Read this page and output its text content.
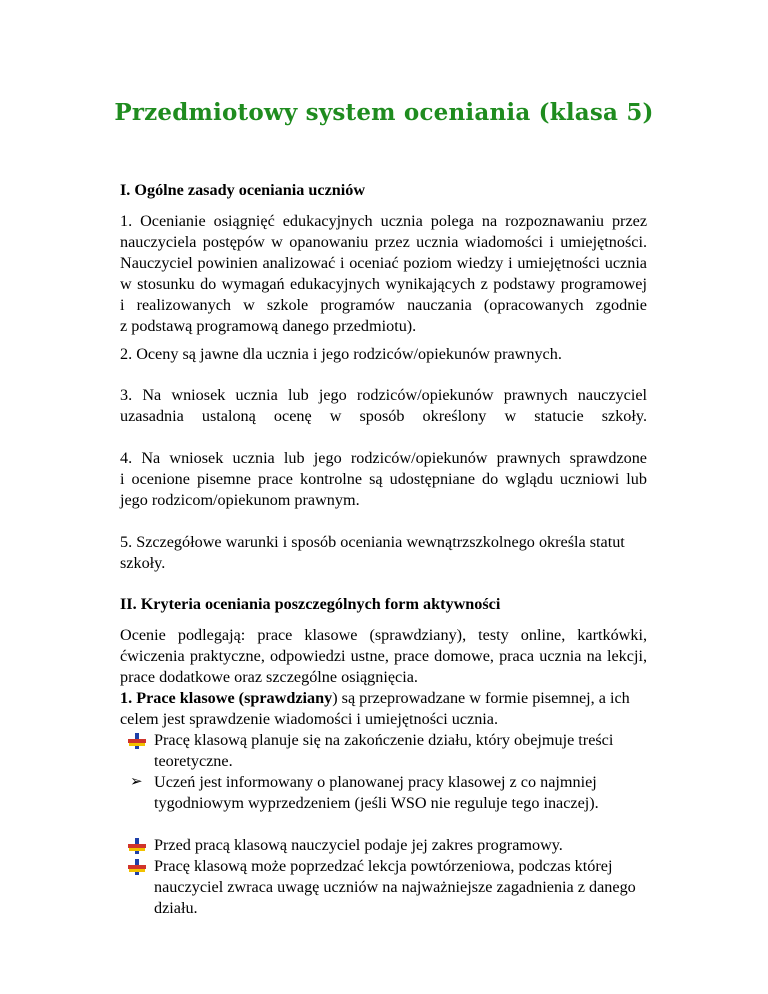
Przedmiotowy system oceniania (klasa 5)
I. Ogólne zasady oceniania uczniów
1. Ocenianie osiągnięć edukacyjnych ucznia polega na rozpoznawaniu przez
nauczyciela postępów w opanowaniu przez ucznia wiadomości i umiejętności.
Nauczyciel powinien analizować i oceniać poziom wiedzy i umiejętności ucznia
w stosunku do wymagań edukacyjnych wynikających z podstawy programowej
i realizowanych w szkole programów nauczania (opracowanych zgodnie
z podstawą programową danego przedmiotu).
2. Oceny są jawne dla ucznia i jego rodziców/opiekunów prawnych.
3. Na wniosek ucznia lub jego rodziców/opiekunów prawnych nauczyciel
uzasadnia ustaloną ocenę w sposób określony w statucie szkoły.
4. Na wniosek ucznia lub jego rodziców/opiekunów prawnych sprawdzone
i ocenione pisemne prace kontrolne są udostępniane do wglądu uczniowi lub
jego rodzicom/opiekunom prawnym.
5. Szczegółowe warunki i sposób oceniania wewnątrzszkolnego określa statut
szkoły.
II. Kryteria oceniania poszczególnych form aktywności
Ocenie podlegają: prace klasowe (sprawdziany), testy online, kartkówki,
ćwiczenia praktyczne, odpowiedzi ustne, prace domowe, praca ucznia na lekcji,
prace dodatkowe oraz szczególne osiągnięcia.
1. Prace klasowe (sprawdziany) są przeprowadzane w formie pisemnej, a ich
celem jest sprawdzenie wiadomości i umiejętności ucznia.
Pracę klasową planuje się na zakończenie działu, który obejmuje treści
teoretyczne.
➢ Uczeń jest informowany o planowanej pracy klasowej z co najmniej
tygodniowym wyprzedzeniem (jeśli WSO nie reguluje tego inaczej).
Przed pracą klasową nauczyciel podaje jej zakres programowy.
Pracę klasową może poprzedzać lekcja powtórzeniowa, podczas której
nauczyciel zwraca uwagę uczniów na najważniejsze zagadnienia z danego
działu.
